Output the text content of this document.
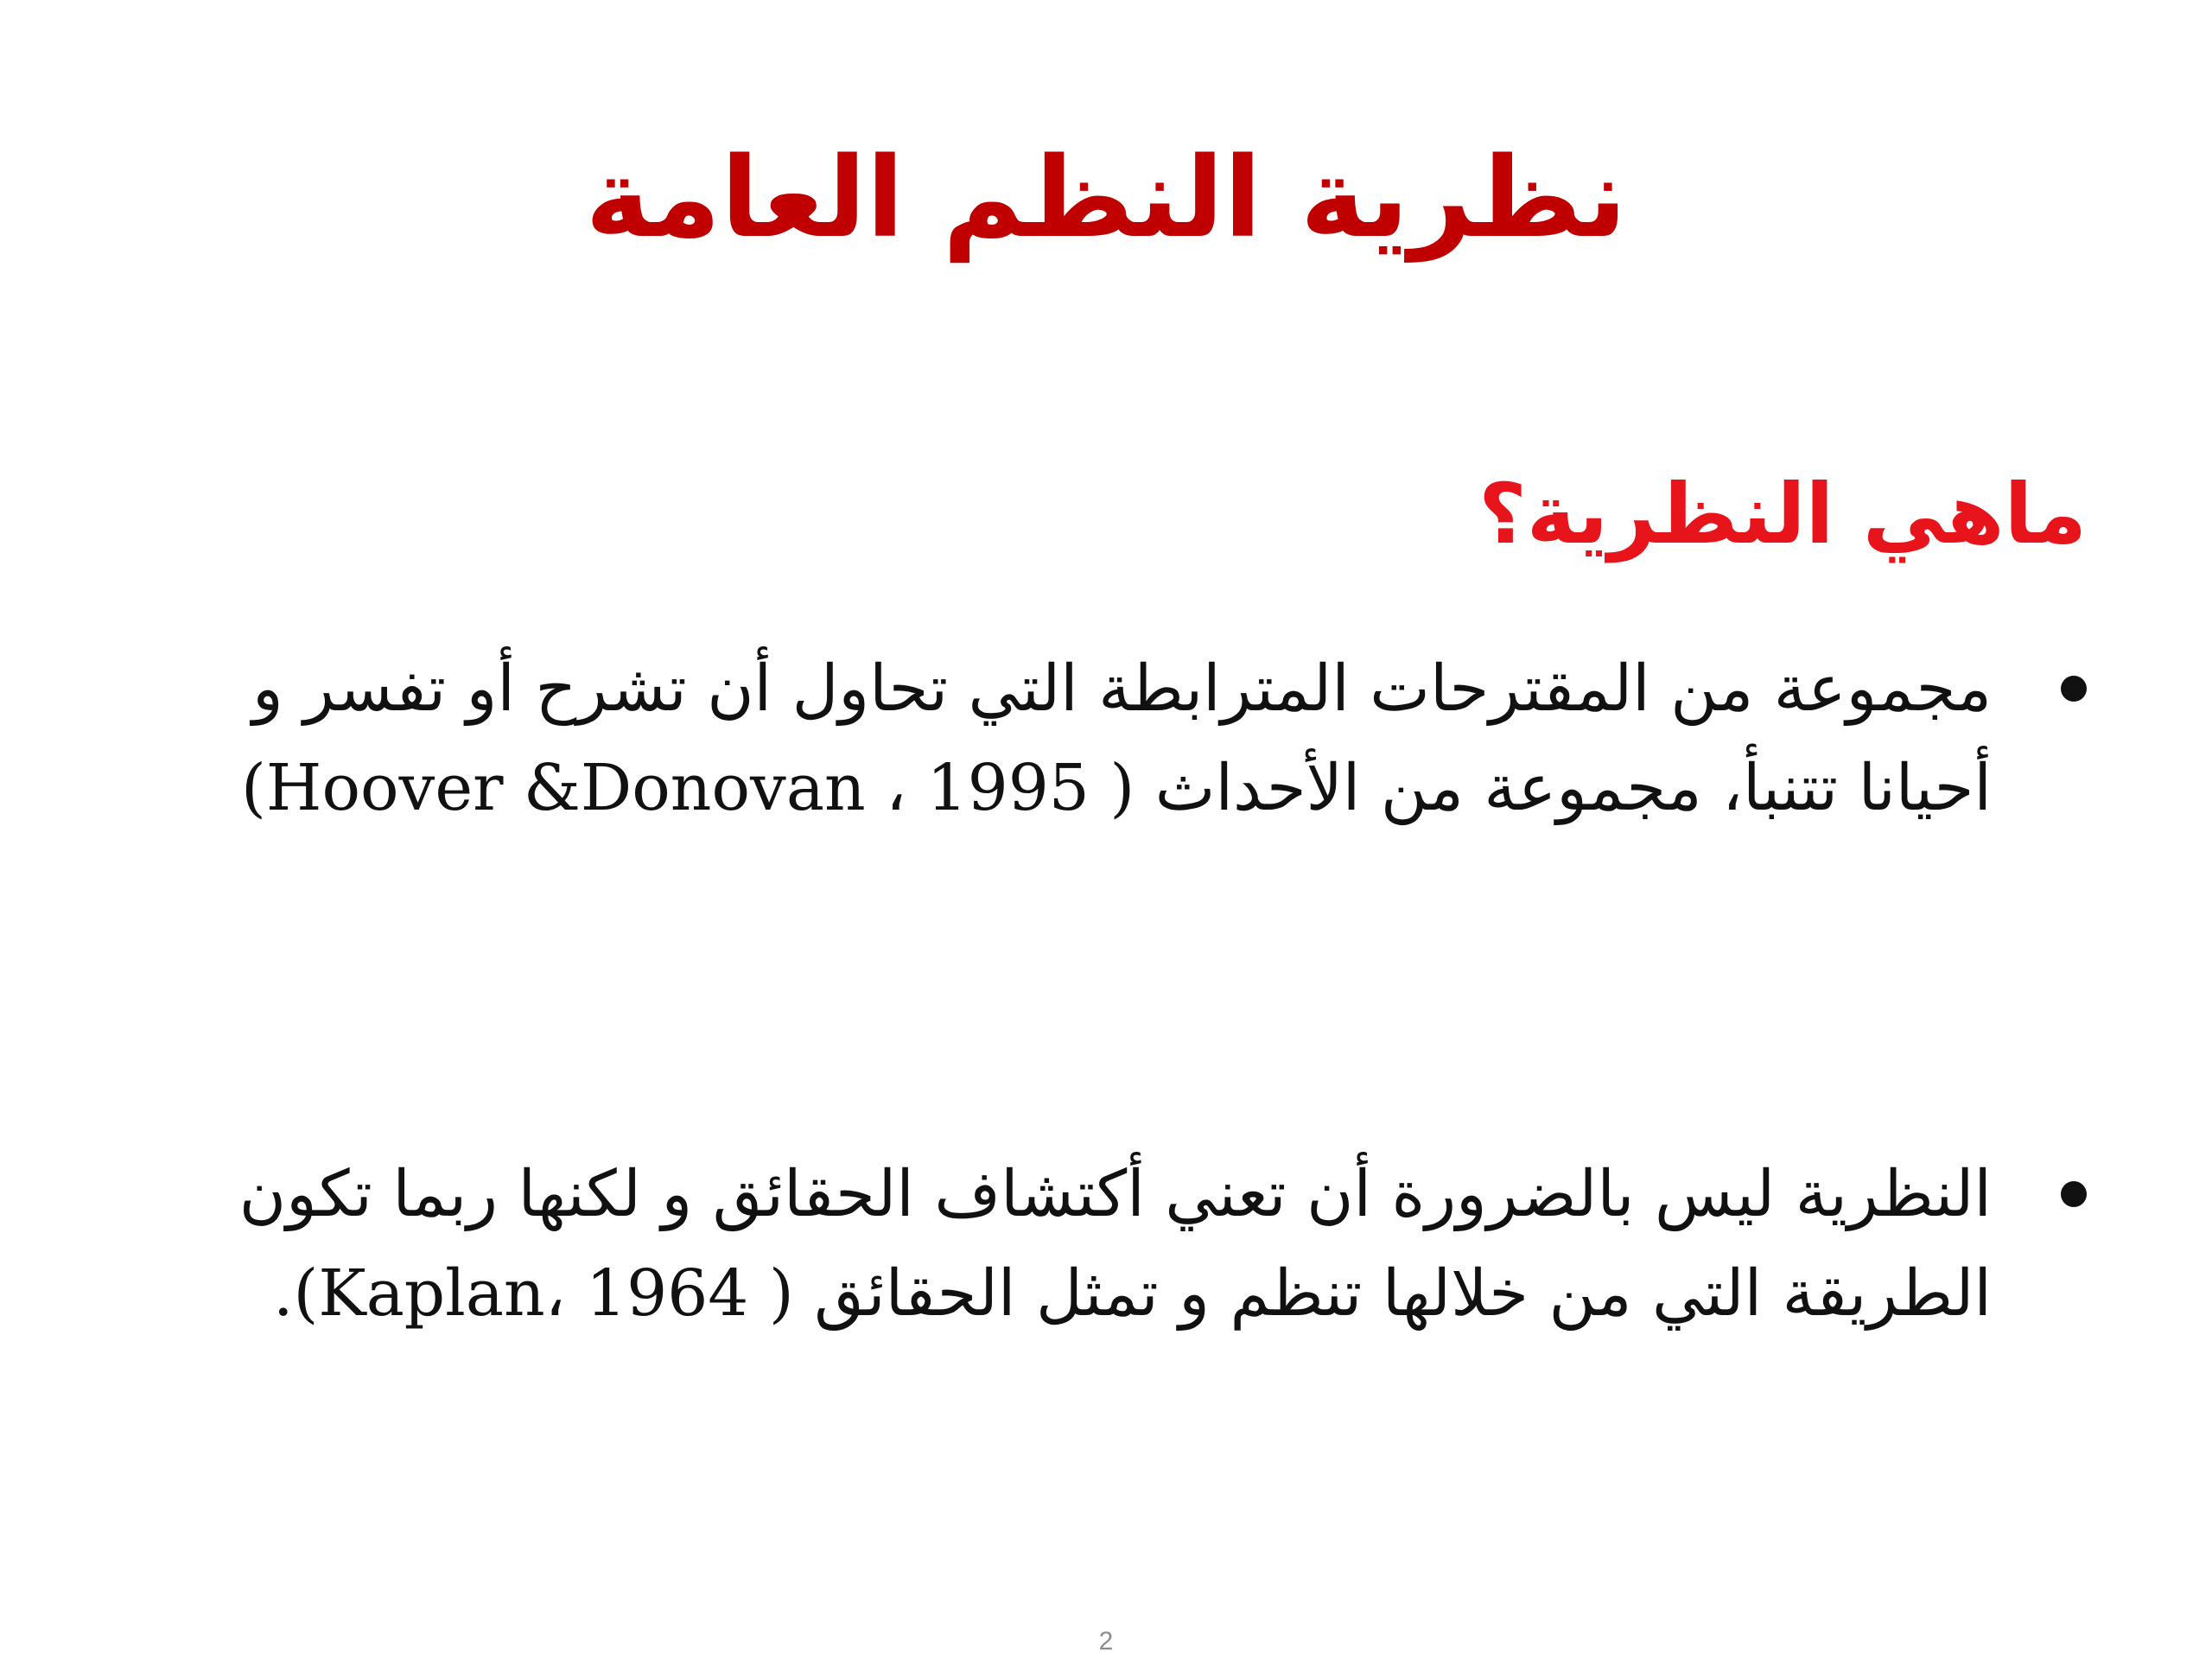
نظرية النظم العامة
ماهي النظرية؟
مجموعة من المقترحات المترابطة التي تحاول أن تشرح أو تفسر و أحيانا تتنبأ، مجموعة من الأحداث ( Hoover &Donovan ، 1995)
النظرية ليس بالضرورة أن تعني أكتشاف الحقائق و لكنها ربما تكون الطريقة التي من خلالها تنظم و تمثل الحقائق ( Kaplan، 1964).
2
